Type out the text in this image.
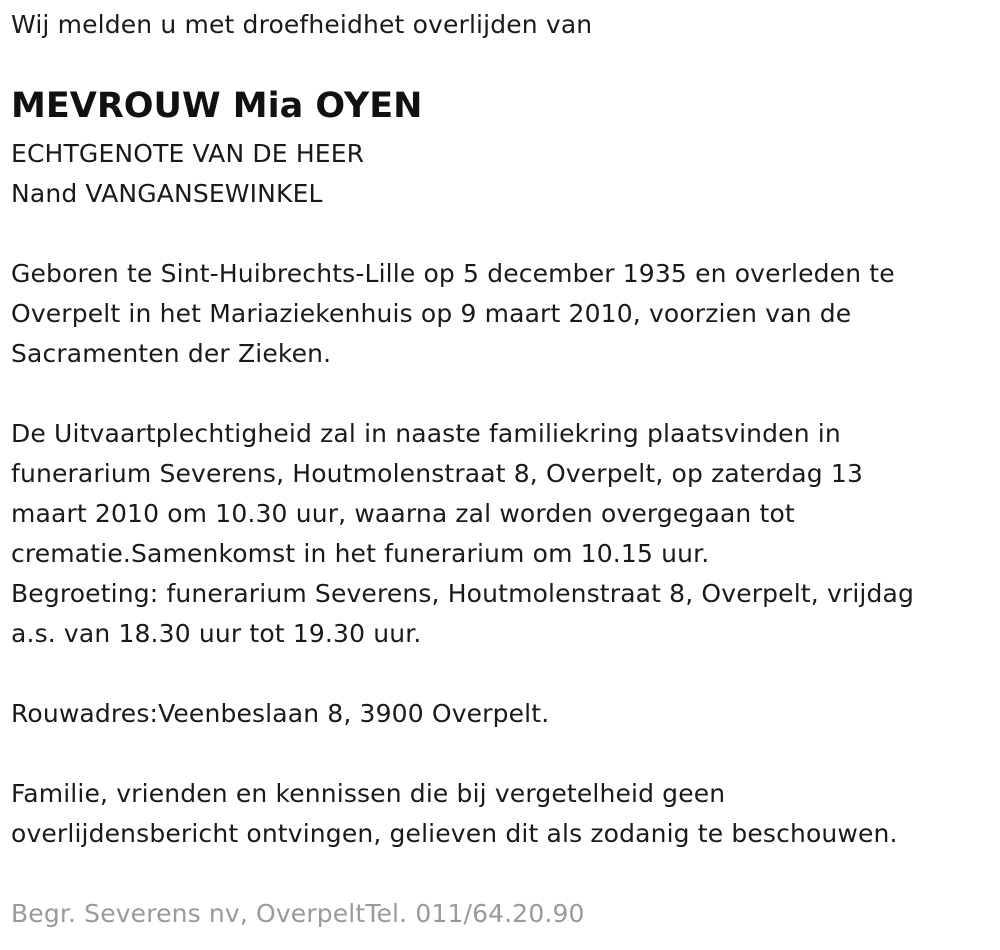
Wij melden u met droefheidhet overlijden van
MEVROUW Mia OYEN
ECHTGENOTE VAN DE HEER
Nand VANGANSEWINKEL
Geboren te Sint-Huibrechts-Lille op 5 december 1935 en overleden te
Overpelt in het Mariaziekenhuis op 9 maart 2010, voorzien van de
Sacramenten der Zieken.
De Uitvaartplechtigheid zal in naaste familiekring plaatsvinden in
funerarium Severens, Houtmolenstraat 8, Overpelt, op zaterdag 13
maart 2010 om 10.30 uur, waarna zal worden overgegaan tot
crematie.Samenkomst in het funerarium om 10.15 uur.
Begroeting: funerarium Severens, Houtmolenstraat 8, Overpelt, vrijdag
a.s. van 18.30 uur tot 19.30 uur.
Rouwadres:Veenbeslaan 8, 3900 Overpelt.
Familie, vrienden en kennissen die bij vergetelheid geen
overlijdensbericht ontvingen, gelieven dit als zodanig te beschouwen.
Begr. Severens nv, OverpeltTel. 011/64.20.90
